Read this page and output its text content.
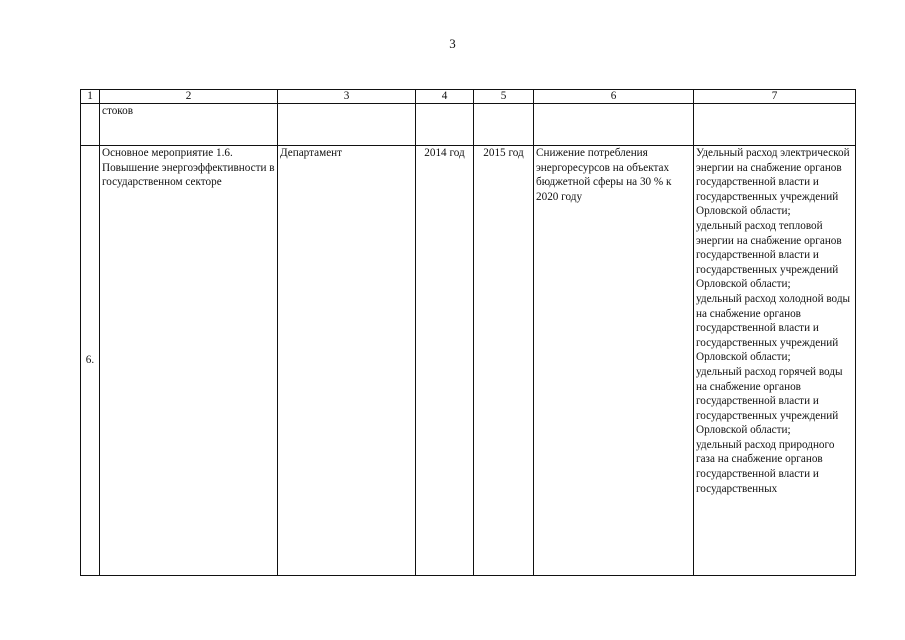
3
1	2	3	4	5	6	7
	стоков					
6.	Основное мероприятие 1.6. Повышение энергоэффективности в государственном секторе	Департамент	2014 год	2015 год	Снижение потребления энергоресурсов на объектах бюджетной сферы на 30 % к 2020 году	Удельный расход электрической энергии на снабжение органов государственной власти и государственных учреждений Орловской области;
удельный расход тепловой энергии на снабжение органов государственной власти и государственных учреждений Орловской области;
удельный расход холодной воды на снабжение органов государственной власти и государственных учреждений Орловской области;
удельный расход горячей воды на снабжение органов государственной власти и государственных учреждений Орловской области;
удельный расход природного газа на снабжение органов государственной власти и государственных
